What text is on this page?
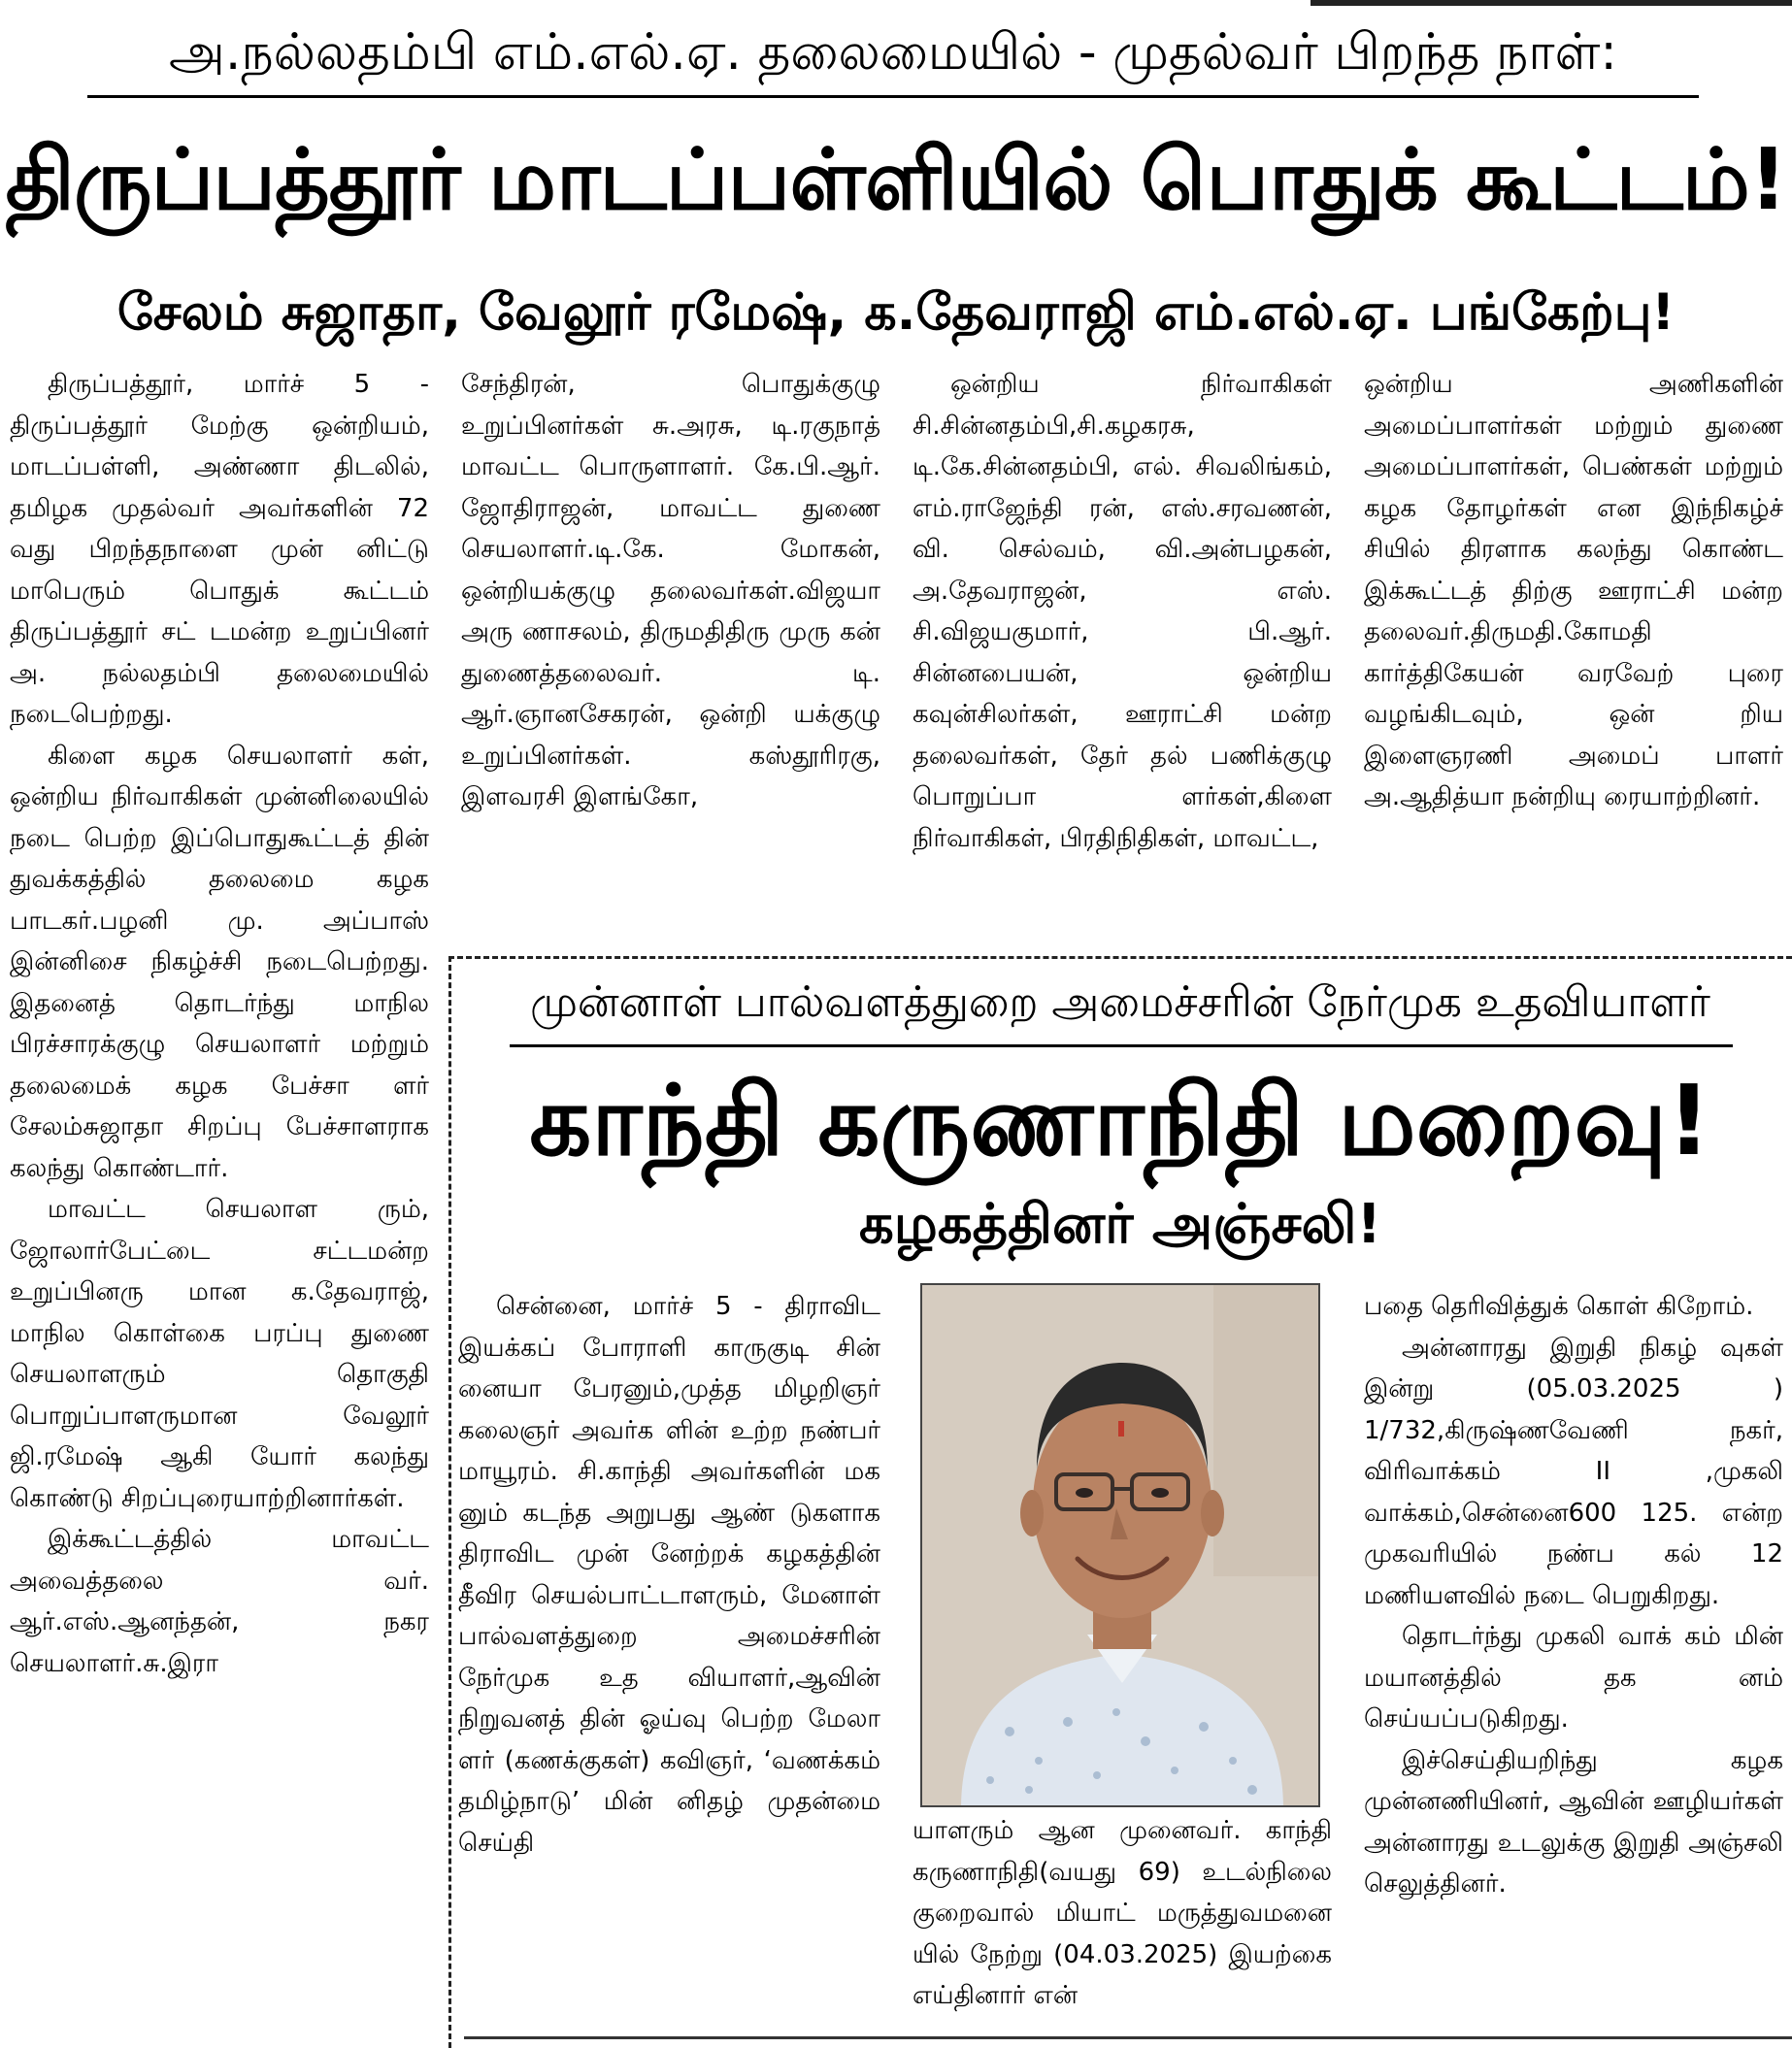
அ.நல்லதம்பி எம்.எல்.ஏ. தலைமையில் - முதல்வர் பிறந்த நாள்:
திருப்பத்தூர் மாடப்பள்ளியில் பொதுக் கூட்டம்!
சேலம் சுஜாதா, வேலூர் ரமேஷ், க.தேவராஜி எம்.எல்.ஏ. பங்கேற்பு!

திருப்பத்தூர், மார்ச் 5 - திருப்பத்தூர் மேற்கு ஒன்றியம், மாடப்பள்ளி, அண்ணா திடலில், தமிழக முதல்வர் அவர்களின் 72 வது பிறந்தநாளை முன் னிட்டு மாபெரும் பொதுக் கூட்டம் திருப்பத்தூர் சட் டமன்ற உறுப்பினர் அ. நல்லதம்பி தலைமையில் நடைபெற்றது.

கிளை கழக செயலாளர் கள், ஒன்றிய நிர்வாகிகள் முன்னிலையில் நடை பெற்ற இப்பொதுகூட்டத் தின் துவக்கத்தில் தலைமை கழக பாடகர்.பழனி மு. அப்பாஸ் இன்னிசை நிகழ்ச்சி நடைபெற்றது. இதனைத் தொடர்ந்து மாநில பிரச்சாரக்குழு செயலாளர் மற்றும் தலைமைக் கழக பேச்சா ளர் சேலம்சுஜாதா சிறப்பு பேச்சாளராக கலந்து கொண்டார்.

மாவட்ட செயலாள ரும், ஜோலார்பேட்டை சட்டமன்ற உறுப்பினரு மான க.தேவராஜ், மாநில கொள்கை பரப்பு துணை செயலாளரும் தொகுதி பொறுப்பாளருமான வேலூர் ஜி.ரமேஷ் ஆகி யோர் கலந்து கொண்டு சிறப்புரையாற்றினார்கள்.

இக்கூட்டத்தில் மாவட்ட அவைத்தலை வர். ஆர்.எஸ்.ஆனந்தன், நகர செயலாளர்.சு.இரா

சேந்திரன், பொதுக்குழு உறுப்பினர்கள் சு.அரசு, டி.ரகுநாத் மாவட்ட பொருளாளர். கே.பி.ஆர். ஜோதிராஜன், மாவட்ட துணை செயலாளர்.டி.கே. மோகன், ஒன்றியக்குழு தலைவர்கள்.விஜயா அரு ணாசலம், திருமதிதிரு முரு கன் துணைத்தலைவர். டி. ஆர்.ஞானசேகரன், ஒன்றி யக்குழு உறுப்பினர்கள். கஸ்தூரிரகு, இளவரசி இளங்கோ,

ஒன்றிய நிர்வாகிகள் சி.சின்னதம்பி,சி.கழகரசு, டி.கே.சின்னதம்பி, எல். சிவலிங்கம், எம்.ராஜேந்தி ரன், எஸ்.சரவணன், வி. செல்வம், வி.அன்பழகன், அ.தேவராஜன், எஸ். சி.விஜயகுமார், பி.ஆர். சின்னபையன், ஒன்றிய கவுன்சிலர்கள், ஊராட்சி மன்ற தலைவர்கள், தேர் தல் பணிக்குழு பொறுப்பா ளர்கள்,கிளை நிர்வாகிகள், பிரதிநிதிகள், மாவட்ட,

ஒன்றிய அணிகளின் அமைப்பாளர்கள் மற்றும் துணை அமைப்பாளர்கள், பெண்கள் மற்றும் கழக தோழர்கள் என இந்நிகழ்ச் சியில் திரளாக கலந்து கொண்ட இக்கூட்டத் திற்கு ஊராட்சி மன்ற தலைவர்.திருமதி.கோமதி கார்த்திகேயன் வரவேற் புரை வழங்கிடவும், ஒன் றிய இளைஞரணி அமைப் பாளர் அ.ஆதித்யா நன்றியு ரையாற்றினர்.

முன்னாள் பால்வளத்துறை அமைச்சரின் நேர்முக உதவியாளர்
காந்தி கருணாநிதி மறைவு!
கழகத்தினர் அஞ்சலி!

சென்னை, மார்ச் 5 - திராவிட இயக்கப் போராளி காருகுடி சின் னையா பேரனும்,முத்த மிழறிஞர் கலைஞர் அவர்க ளின் உற்ற நண்பர் மாயூரம். சி.காந்தி அவர்களின் மக னும் கடந்த அறுபது ஆண் டுகளாக திராவிட முன் னேற்றக் கழகத்தின் தீவிர செயல்பாட்டாளரும், மேனாள் பால்வளத்துறை அமைச்சரின் நேர்முக உத வியாளர்,ஆவின் நிறுவனத் தின் ஓய்வு பெற்ற மேலா ளர் (கணக்குகள்) கவிஞர், ‘வணக்கம் தமிழ்நாடு’ மின் னிதழ் முதன்மை செய்தி	யாளரும் ஆன முனைவர். காந்தி கருணாநிதி(வயது 69) உடல்நிலை குறைவால் மியாட் மருத்துவமனை யில் நேற்று (04.03.2025) இயற்கை எய்தினார் என்

பதை தெரிவித்துக் கொள் கிறோம்.

அன்னாரது இறுதி நிகழ் வுகள் இன்று (05.03.2025 ) 1/732,கிருஷ்ணவேணி நகர், விரிவாக்கம் II ,முகலி வாக்கம்,சென்னை600 125. என்ற முகவரியில் நண்ப கல் 12 மணியளவில் நடை பெறுகிறது.

தொடர்ந்து முகலி வாக் கம் மின் மயானத்தில் தக னம் செய்யப்படுகிறது.

இச்செய்தியறிந்து கழக முன்னணியினர், ஆவின் ஊழியர்கள் அன்னாரது உடலுக்கு இறுதி அஞ்சலி செலுத்தினர்.
